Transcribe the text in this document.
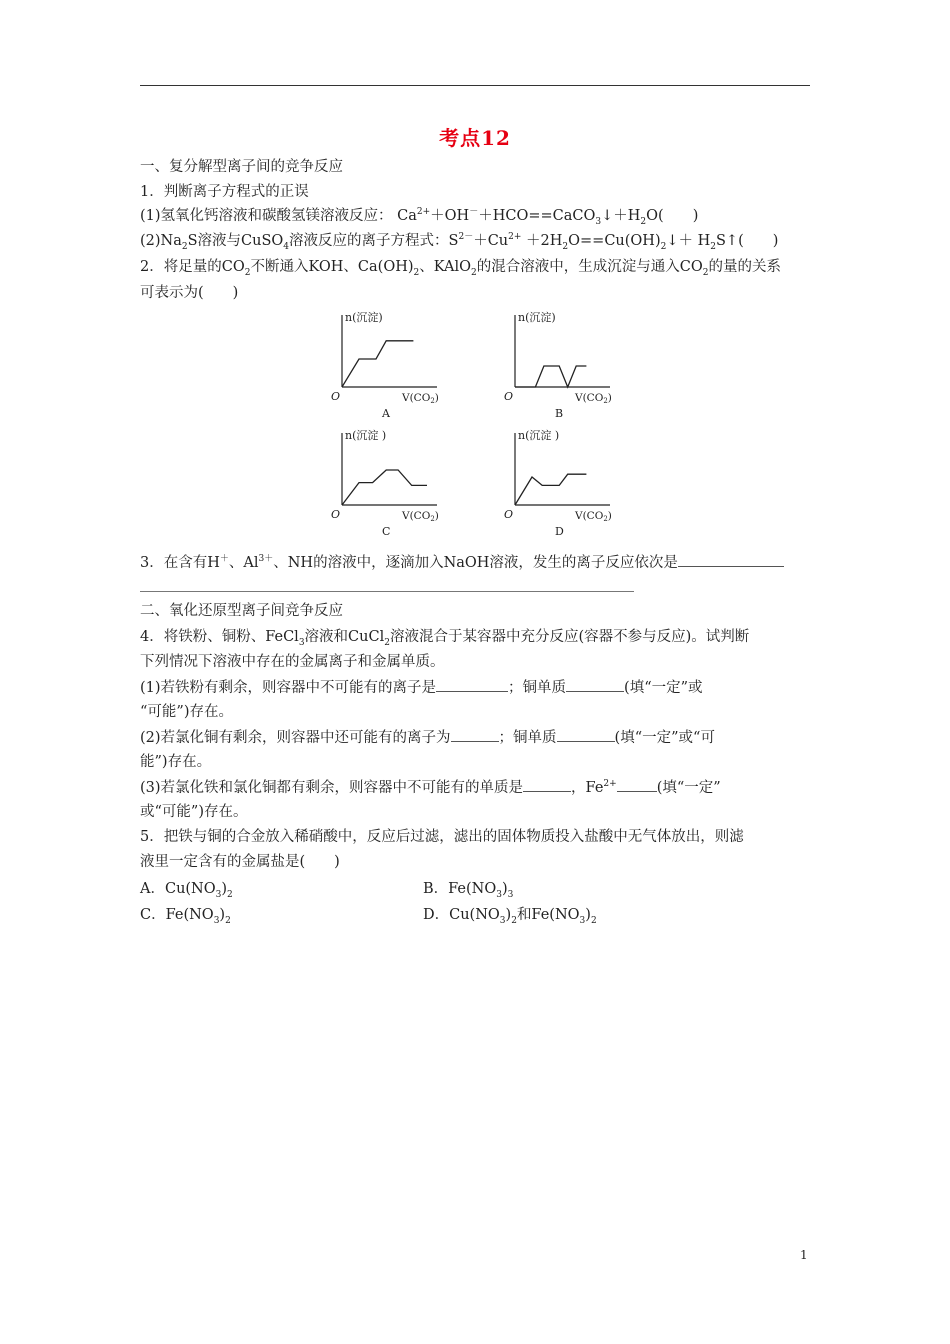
考点12
一、复分解型离子间的竞争反应
1．判断离子方程式的正误
(1)氢氧化钙溶液和碳酸氢镁溶液反应： $Ca^{2+}+OH^-+HCO==CaCO_3↓+H_2O$(　　)
$(2)Na_2S$溶液与CuSO$_4$溶液反应的离子方程式：$S^{2-}+Cu^{2+}$ $+2H_2O==Cu(OH)_2↓+$ $H_2S↑$(　　)
2．将足量的$CO_2$不断通入KOH、$Ca(OH)_2$、KAlO$_2$的混合溶液中，生成沉淀与通入$CO_2$的量的关系
可表示为(　　)
n(沉淀)
O	V(CO2)
A
n(沉淀)
O	V(CO2)
B
n(沉淀 )
O	V(CO2)
C
n(沉淀 )
O	V(CO2)
D
3．在含有H＋、$Al^{3+}$、NH的溶液中，逐滴加入NaOH溶液，发生的离子反应依次是
二、氧化还原型离子间竞争反应
4．将铁粉、铜粉、FeCl$_3$溶液和CuCl$_2$溶液混合于某容器中充分反应(容器不参与反应)。试判断
下列情况下溶液中存在的金属离子和金属单质。
(1)若铁粉有剩余，则容器中不可能有的离子是	；铜单质	(填“一定”或
“可能”)存在。
(2)若氯化铜有剩余，则容器中还可能有的离子为	；铜单质	(填“一定”或“可
能”)存在。
(3)若氯化铁和氯化铜都有剩余，则容器中不可能有的单质是	，$Fe^{2+}$	(填“一定”
或“可能”)存在。
5．把铁与铜的合金放入稀硝酸中，反应后过滤，滤出的固体物质投入盐酸中无气体放出，则滤
液里一定含有的金属盐是(　　)
A．$Cu(NO_3)_2$	B．$Fe(NO_3)_3$
C．$Fe(NO_3)_2$	D．$Cu(NO_3)_2$和$Fe(NO_3)_2$
1
